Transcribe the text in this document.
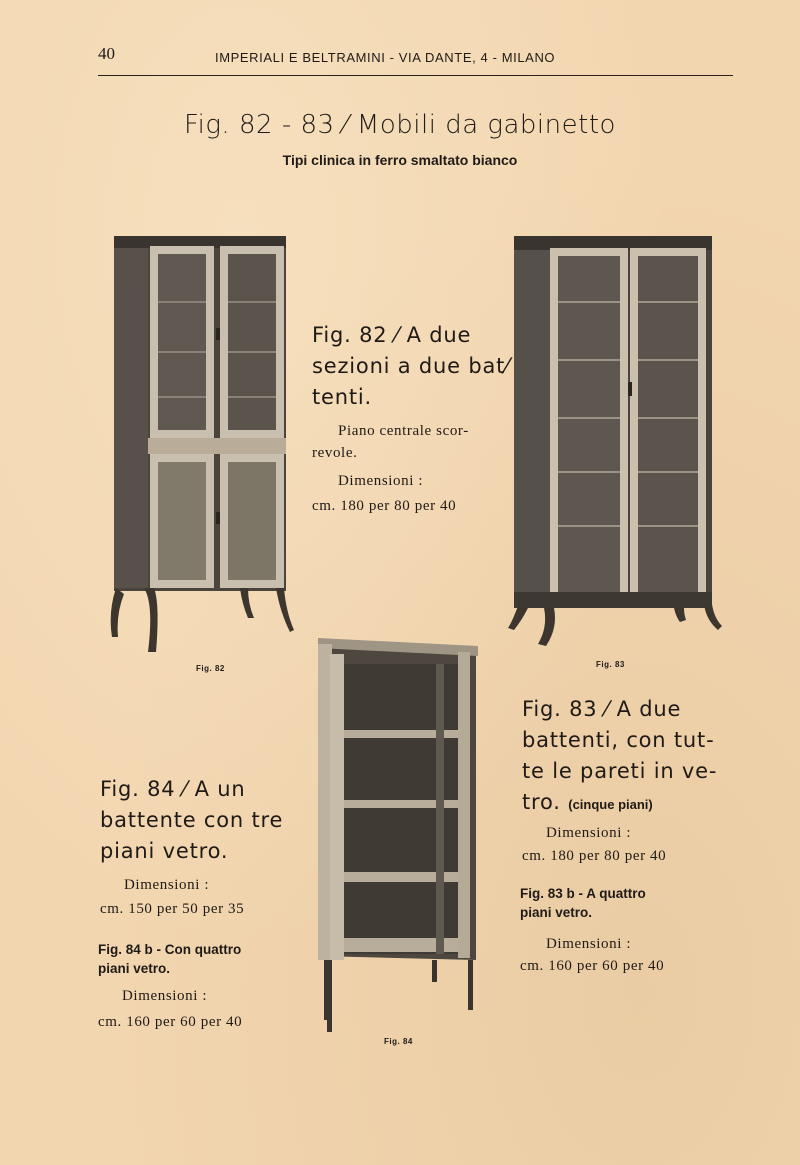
40	IMPERIALI E BELTRAMINI - VIA DANTE, 4 - MILANO
Fig. 82 - 83 ⁄ Mobili da gabinetto
Tipi clinica in ferro smaltato bianco
Fig. 82
Fig. 82 ⁄ A due
sezioni a due bat⁄
tenti.
Piano centrale scor-
revole.
Dimensioni :
cm. 180 per 80 per 40
Fig. 83
Fig. 83 ⁄ A due
battenti, con tut-
te le pareti in ve-
tro. (cinque piani)
Dimensioni :
cm. 180 per 80 per 40
Fig. 83 b - A quattro
piani vetro.
Dimensioni :
cm. 160 per 60 per 40
Fig. 84
Fig. 84 ⁄ A un
battente con tre
piani vetro.
Dimensioni :
cm. 150 per 50 per 35
Fig. 84 b - Con quattro
piani vetro.
Dimensioni :
cm. 160 per 60 per 40
